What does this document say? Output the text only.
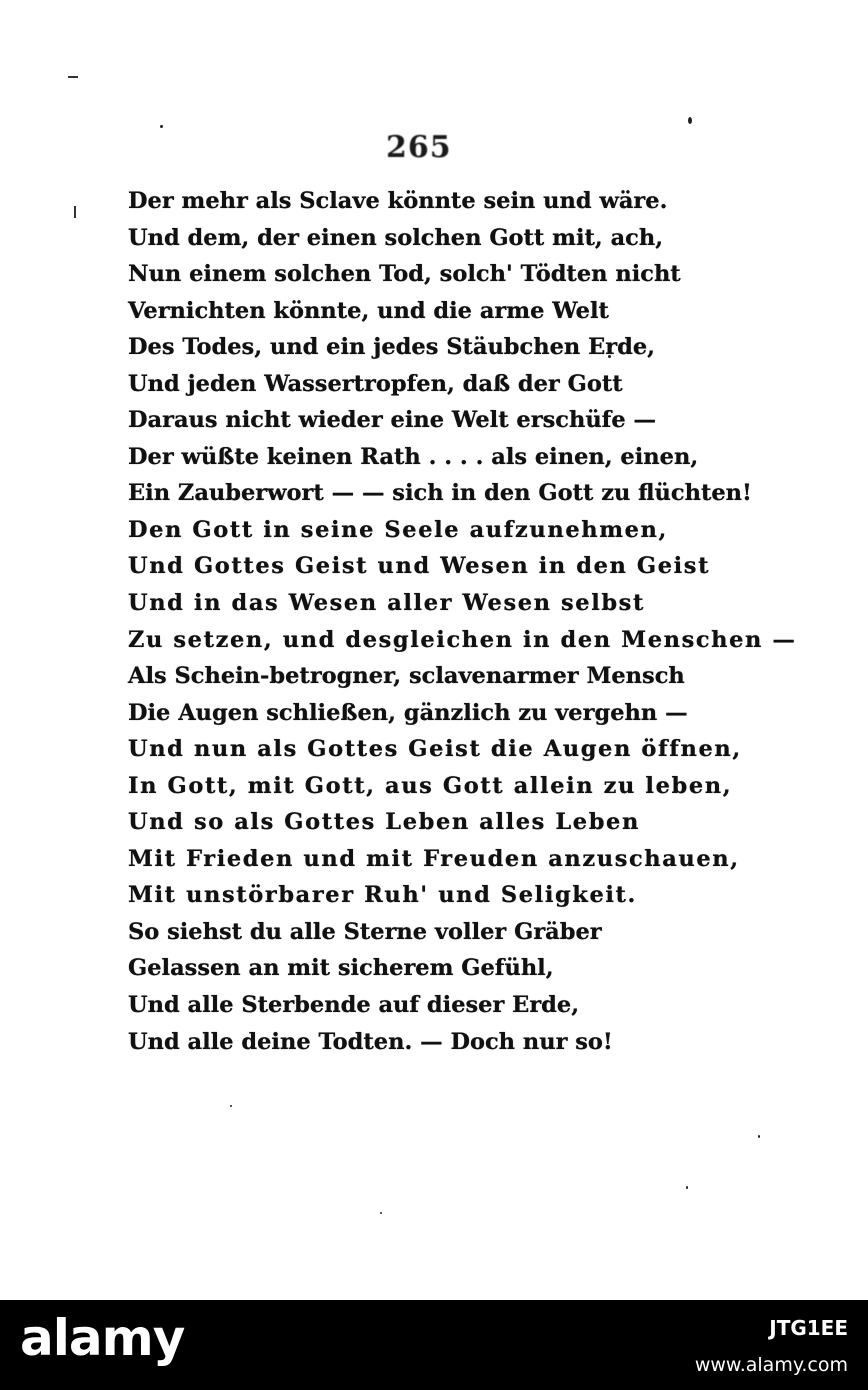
265
Der mehr als Sclave könnte sein und wäre.
Und dem, der einen solchen Gott mit, ach,
Nun einem solchen Tod, solch' Tödten nicht
Vernichten könnte, und die arme Welt
Des Todes, und ein jedes Stäubchen Erde,
Und jeden Wassertropfen, daß der Gott
Daraus nicht wieder eine Welt erschüfe —
Der wüßte keinen Rath . . . . als einen, einen,
Ein Zauberwort — — sich in den Gott zu flüchten!
Den Gott in seine Seele aufzunehmen,
Und Gottes Geist und Wesen in den Geist
Und in das Wesen aller Wesen selbst
Zu setzen, und desgleichen in den Menschen —
Als Schein-betrogner, sclavenarmer Mensch
Die Augen schließen, gänzlich zu vergehn —
Und nun als Gottes Geist die Augen öffnen,
In Gott, mit Gott, aus Gott allein zu leben,
Und so als Gottes Leben alles Leben
Mit Frieden und mit Freuden anzuschauen,
Mit unstörbarer Ruh' und Seligkeit.
So siehst du alle Sterne voller Gräber
Gelassen an mit sicherem Gefühl,
Und alle Sterbende auf dieser Erde,
Und alle deine Todten. — Doch nur so!
alamy	JTG1EE
www.alamy.com
